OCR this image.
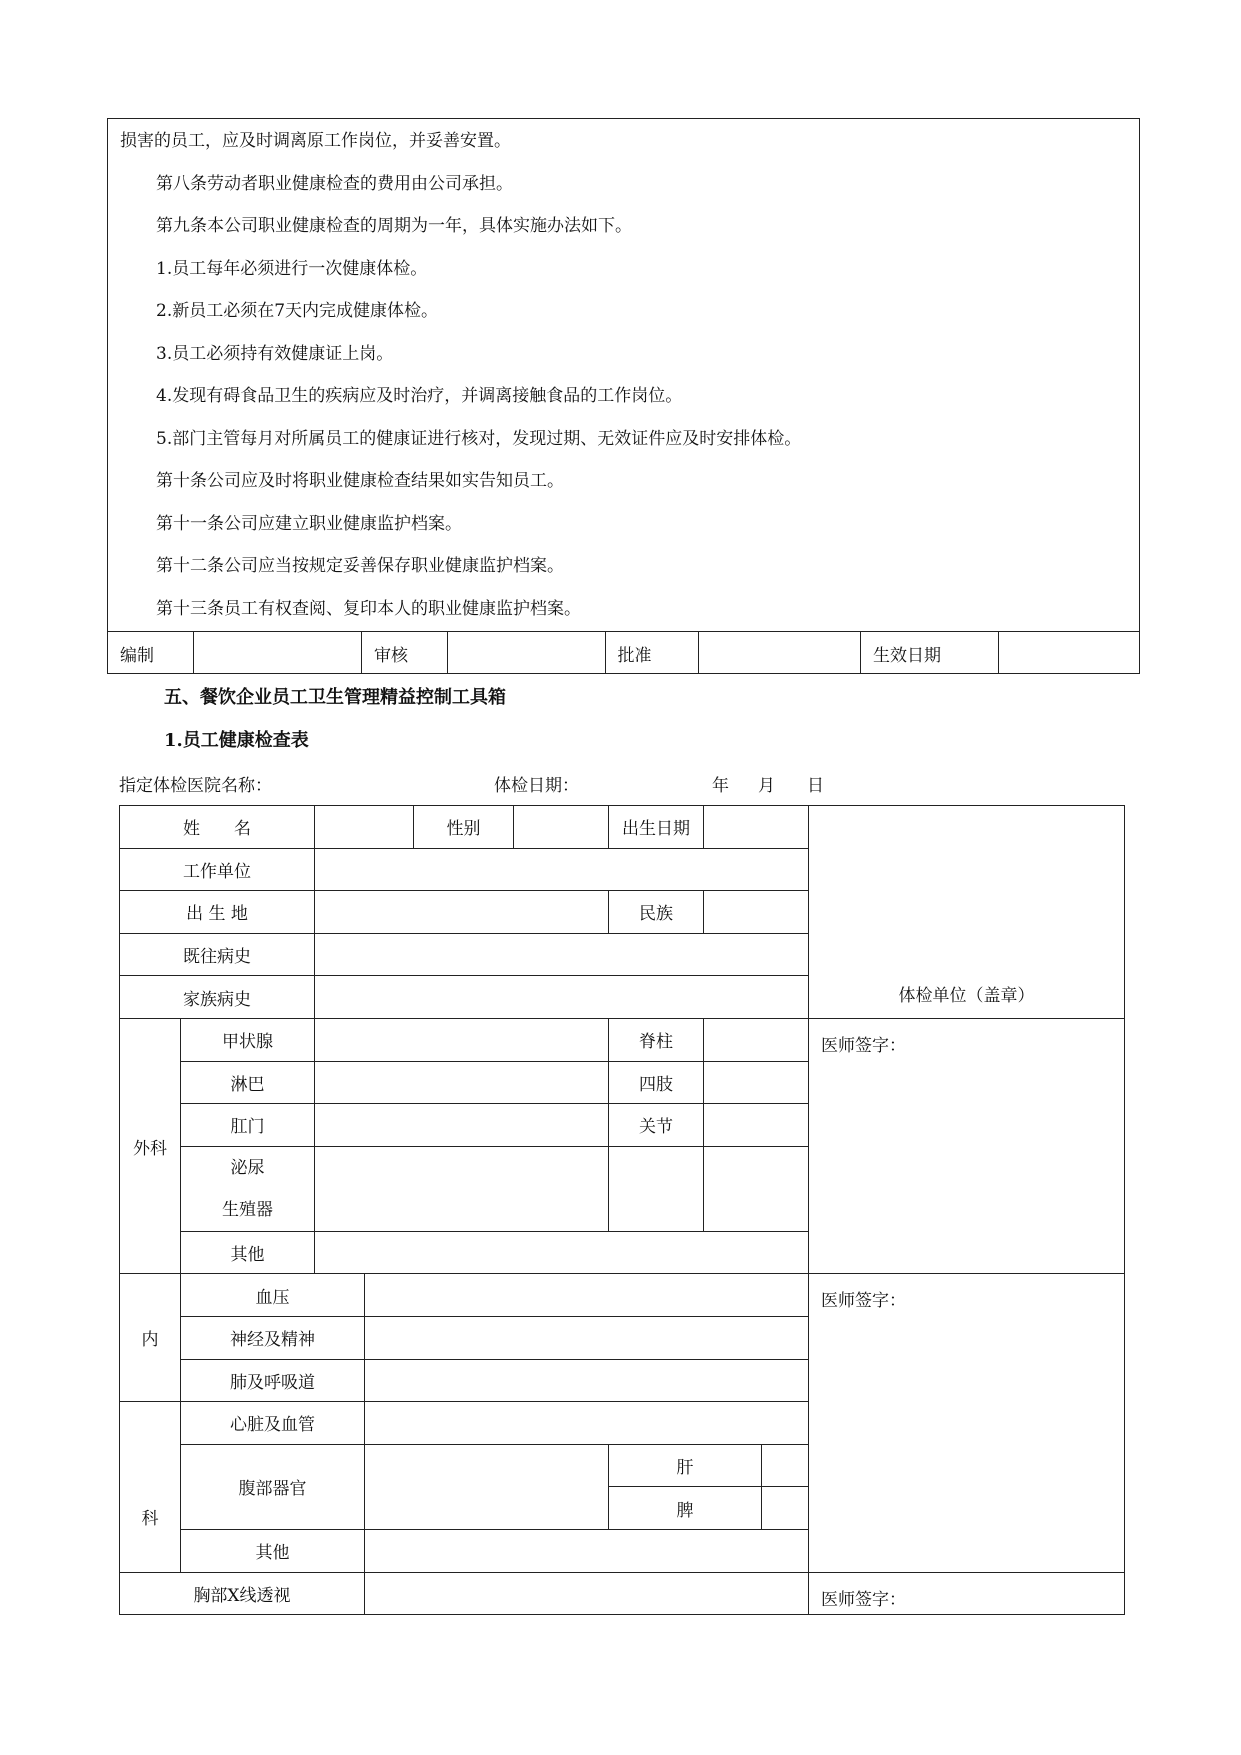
损害的员工，应及时调离原工作岗位，并妥善安置。
第八条劳动者职业健康检查的费用由公司承担。
第九条本公司职业健康检查的周期为一年，具体实施办法如下。
1.员工每年必须进行一次健康体检。
2.新员工必须在7天内完成健康体检。
3.员工必须持有效健康证上岗。
4.发现有碍食品卫生的疾病应及时治疗，并调离接触食品的工作岗位。
5.部门主管每月对所属员工的健康证进行核对，发现过期、无效证件应及时安排体检。
第十条公司应及时将职业健康检查结果如实告知员工。
第十一条公司应建立职业健康监护档案。
第十二条公司应当按规定妥善保存职业健康监护档案。
第十三条员工有权查阅、复印本人的职业健康监护档案。
编制		审核		批准		生效日期	
五、餐饮企业员工卫生管理精益控制工具箱
1.员工健康检查表
指定体检医院名称：	体检日期：	年 月 日
姓　　名				性别		出生日期			体检单位（盖章）
工作单位									
出 生 地						民族			
既往病史									
家族病史									
外科	甲状腺					脊柱			医师签字：
	淋巴					四肢			
	肛门					关节			

	泌尿
生殖器								

	其他								
内	血压								医师签字：
	神经及精神								
	肺及呼吸道								
科	心脏及血管								
	腹部器官					肝			
						脾			
	其他								
胸部X线透视									医师签字：
